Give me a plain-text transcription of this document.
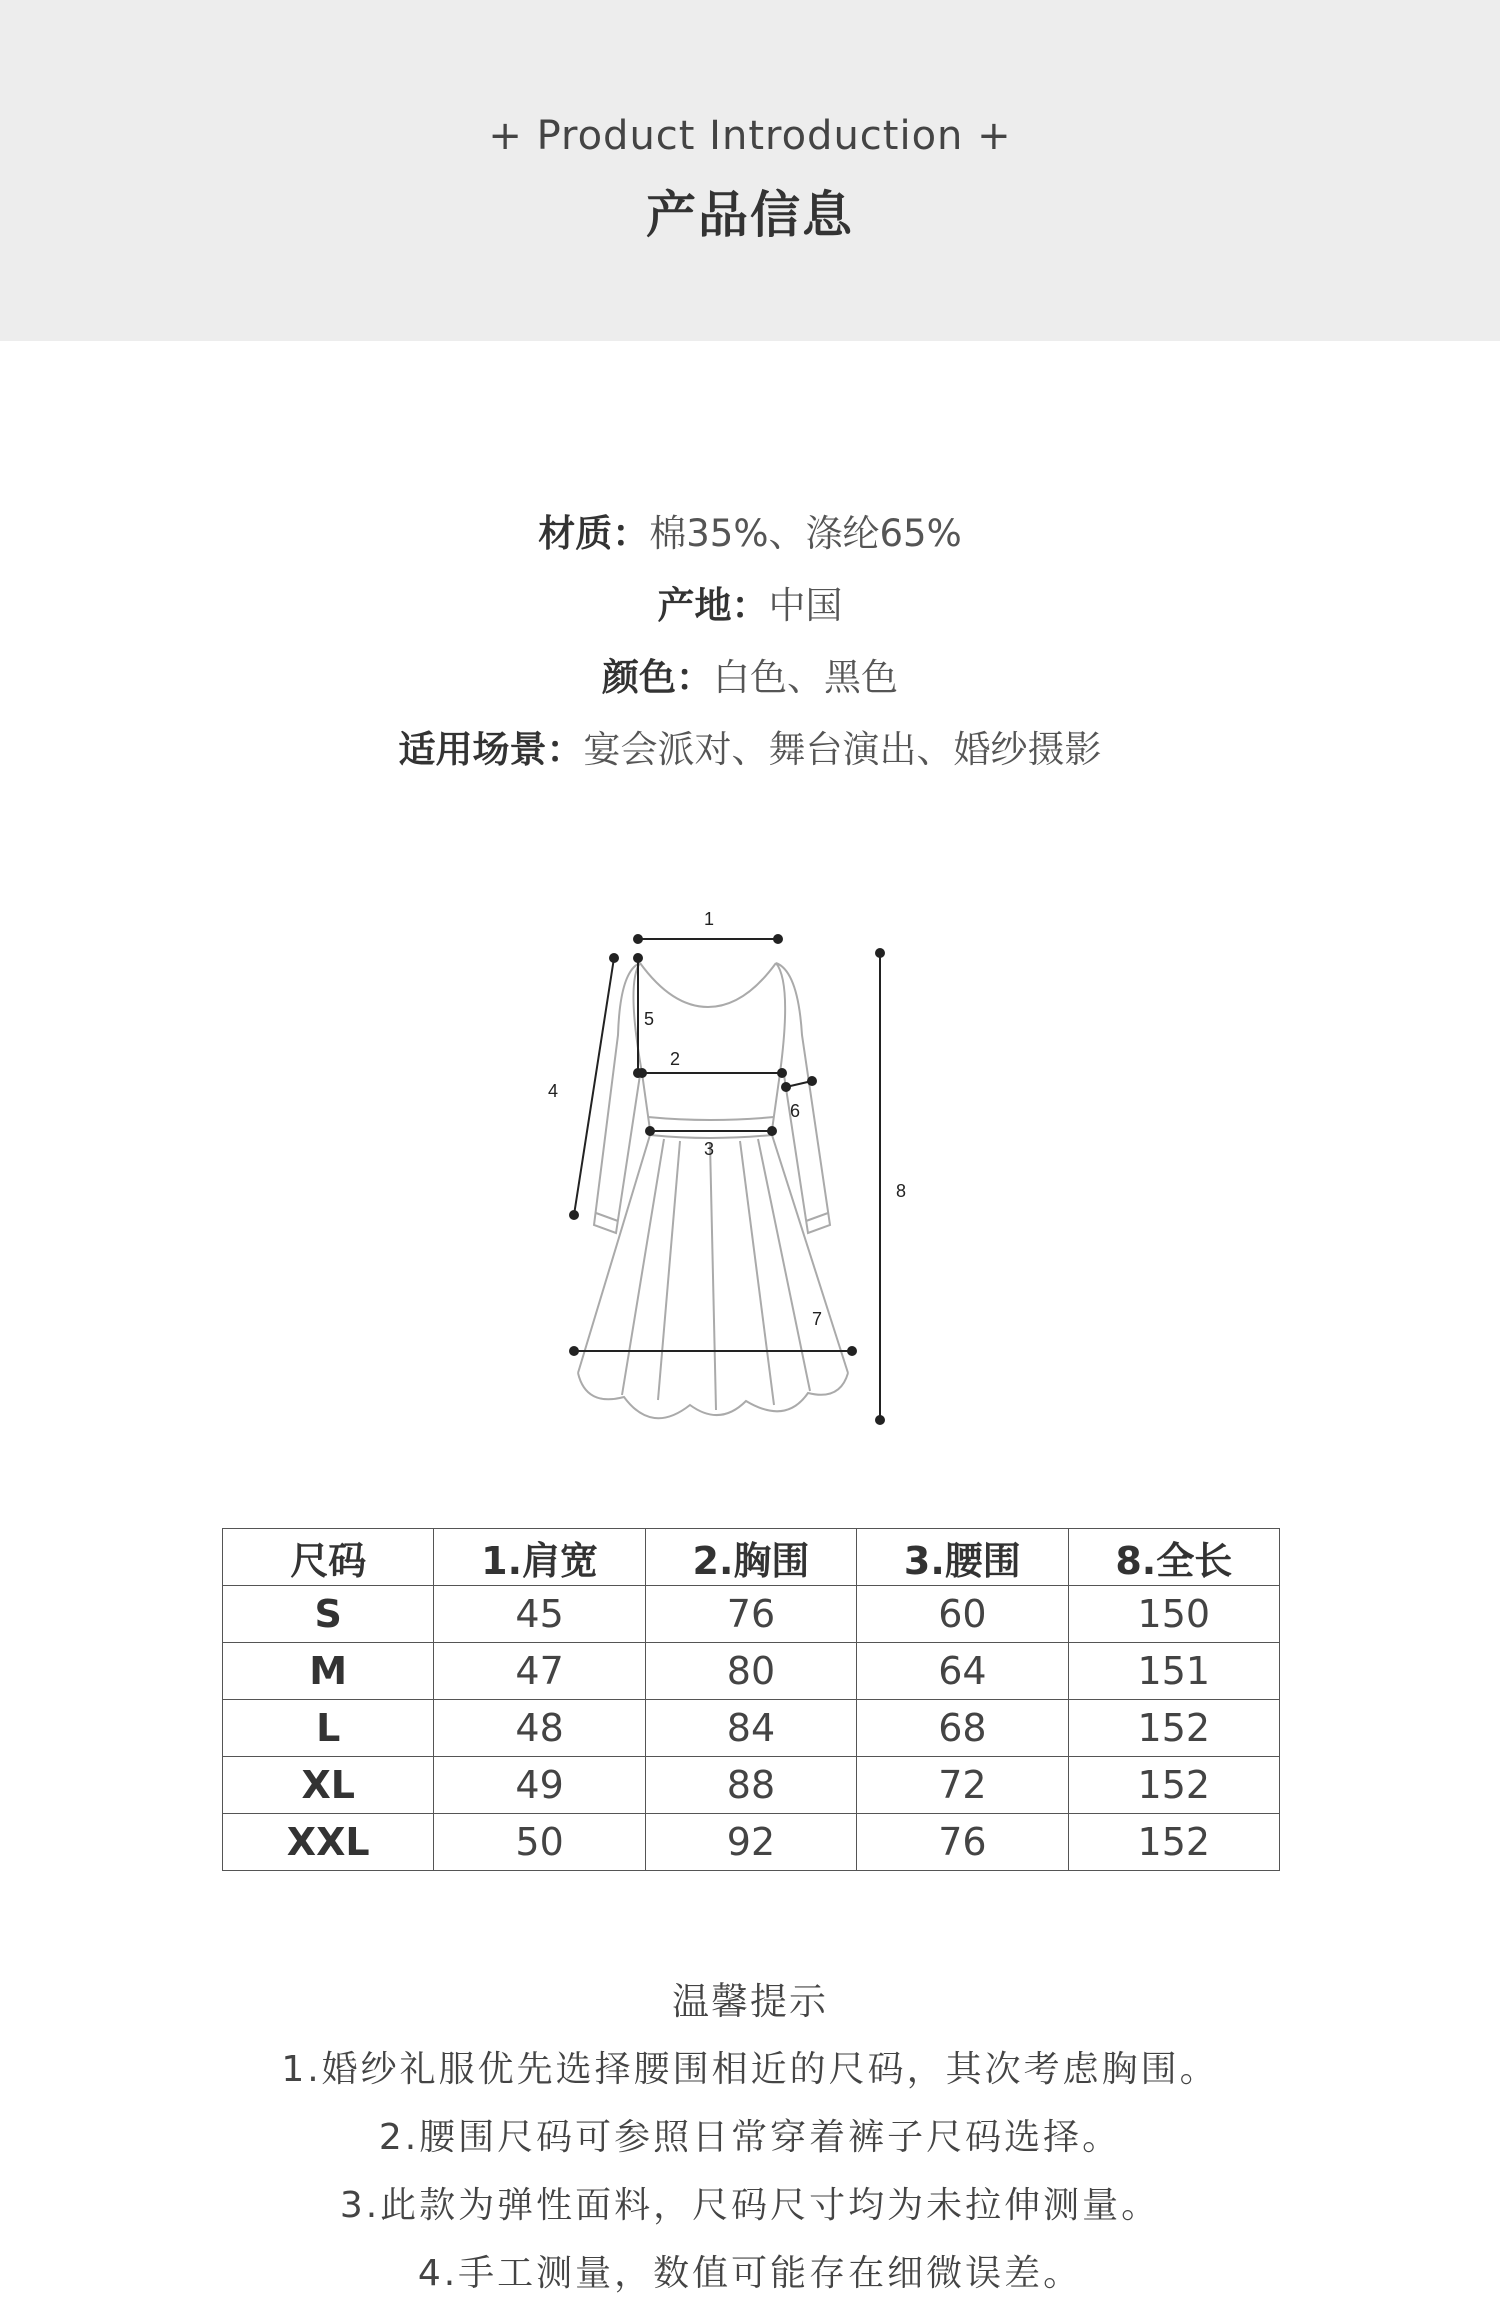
+ Product Introduction +
产品信息
材质：棉35%、涤纶65%
产地：中国
颜色：白色、黑色
适用场景：宴会派对、舞台演出、婚纱摄影
1
2
3
4
5
6
7
8
尺码	1.肩宽	2.胸围	3.腰围	8.全长
S	45	76	60	150
M	47	80	64	151
L	48	84	68	152
XL	49	88	72	152
XXL	50	92	76	152
温馨提示
1.婚纱礼服优先选择腰围相近的尺码，其次考虑胸围。
2.腰围尺码可参照日常穿着裤子尺码选择。
3.此款为弹性面料，尺码尺寸均为未拉伸测量。
4.手工测量，数值可能存在细微误差。
